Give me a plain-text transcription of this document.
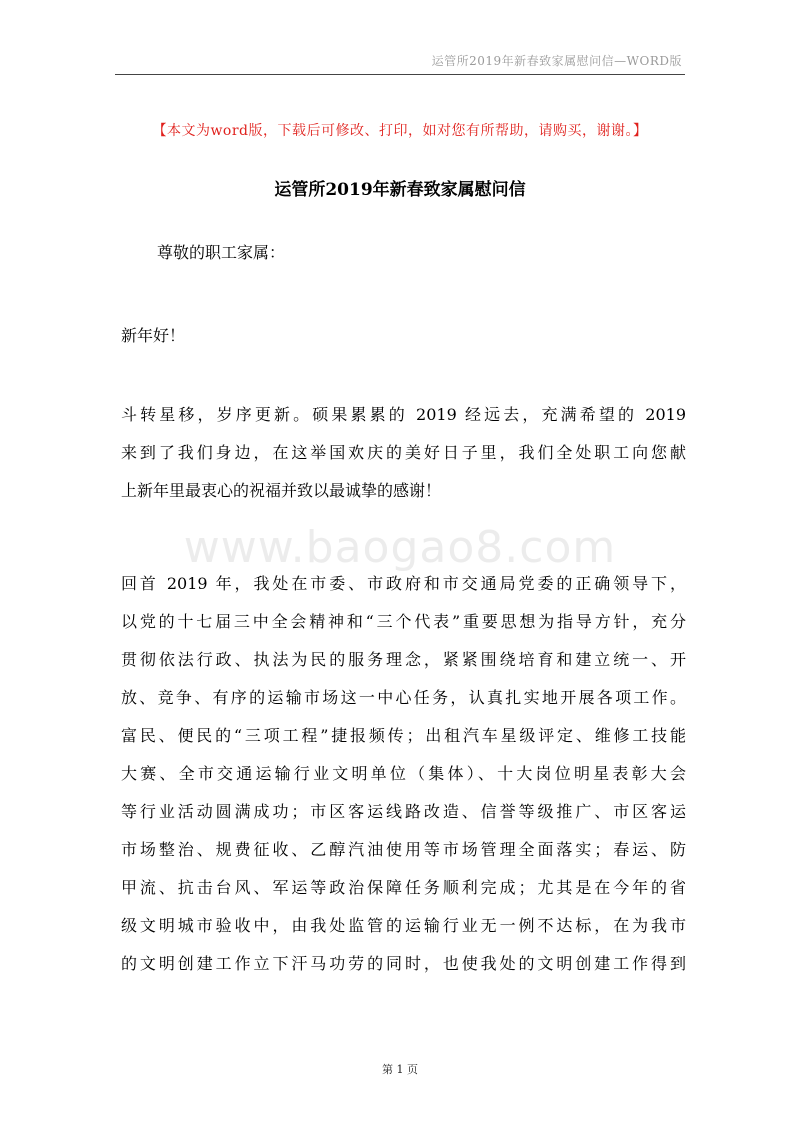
运管所2019年新春致家属慰问信—WORD版
www.baogao8.com
【本文为word版，下载后可修改、打印，如对您有所帮助，请购买，谢谢。】
运管所2019年新春致家属慰问信
尊敬的职工家属：
新年好！
斗转星移，岁序更新。硕果累累的 2019 经远去，充满希望的 2019
来到了我们身边，在这举国欢庆的美好日子里，我们全处职工向您献
上新年里最衷心的祝福并致以最诚挚的感谢！
回首 2019 年，我处在市委、市政府和市交通局党委的正确领导下，
以党的十七届三中全会精神和“三个代表”重要思想为指导方针，充分
贯彻依法行政、执法为民的服务理念，紧紧围绕培育和建立统一、开
放、竞争、有序的运输市场这一中心任务，认真扎实地开展各项工作。
富民、便民的“三项工程”捷报频传；出租汽车星级评定、维修工技能
大赛、全市交通运输行业文明单位（集体）、十大岗位明星表彰大会
等行业活动圆满成功；市区客运线路改造、信誉等级推广、市区客运
市场整治、规费征收、乙醇汽油使用等市场管理全面落实；春运、防
甲流、抗击台风、军运等政治保障任务顺利完成；尤其是在今年的省
级文明城市验收中，由我处监管的运输行业无一例不达标，在为我市
的文明创建工作立下汗马功劳的同时，也使我处的文明创建工作得到
第 1 页
